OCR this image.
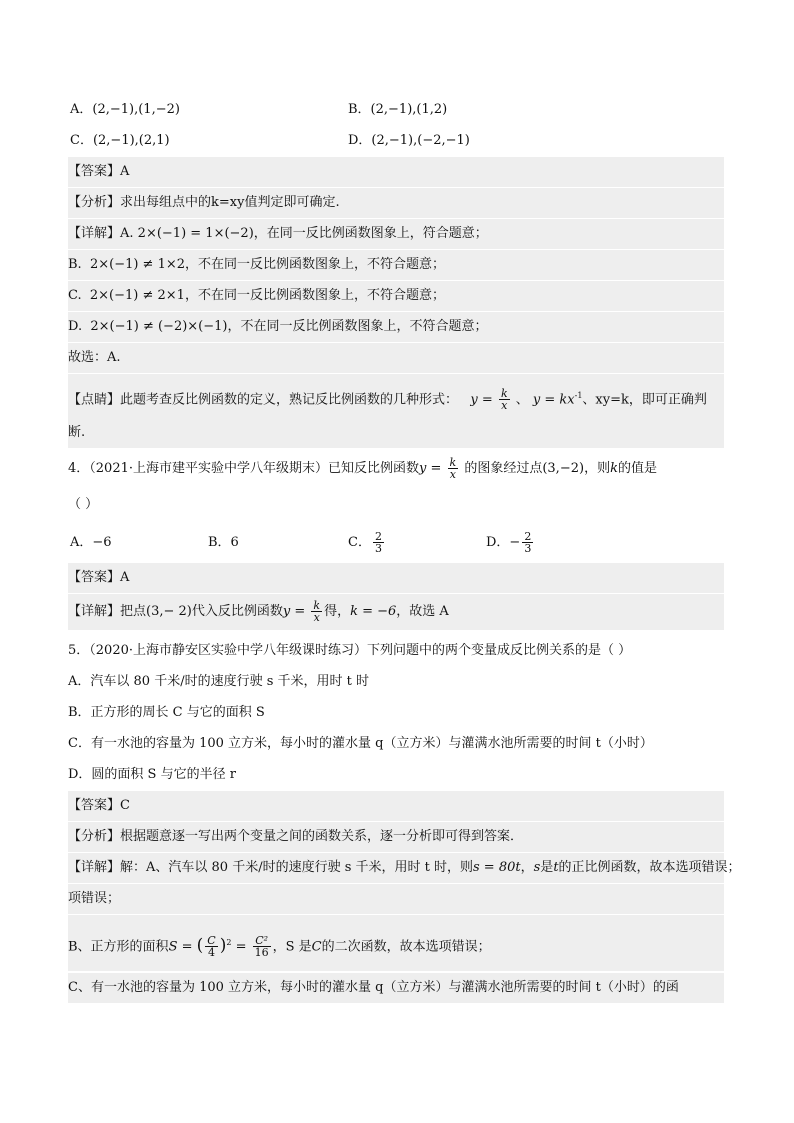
A．(2,−1),(1,−2)	B．(2,−1),(1,2)
C．(2,−1),(2,1)	D．(2,−1),(−2,−1)
【答案】A
【分析】求出每组点中的k=xy值判定即可确定.
【详解】A. 2×(−1) = 1×(−2)，在同一反比例函数图象上，符合题意；
B. 2×(−1) ≠ 1×2，不在同一反比例函数图象上，不符合题意；
C. 2×(−1) ≠ 2×1，不在同一反比例函数图象上，不符合题意；
D. 2×(−1) ≠ (−2)×(−1)，不在同一反比例函数图象上，不符合题意；
故选：A.
【点睛】此题考查反比例函数的定义，熟记反比例函数的几种形式： $y = \frac{k}{x}$ 、 $y = kx^{-1}$、xy=k，即可正确判
断.
4．（2021·上海市建平实验中学八年级期末）已知反比例函数$y = \frac{k}{x}$ 的图象经过点(3,−2)，则k的值是
（ ）
A．−6	B．6	C． $\frac{2}{3}$	D．− $\frac{2}{3}$
【答案】A
【详解】把点(3,− 2)代入反比例函数$y = \frac{k}{x}$ 得，k = −6，故选 A
5．（2020·上海市静安区实验中学八年级课时练习）下列问题中的两个变量成反比例关系的是（ ）
A．汽车以 80 千米/时的速度行驶 s 千米，用时 t 时
B．正方形的周长 C 与它的面积 S
C．有一水池的容量为 100 立方米，每小时的灌水量 q（立方米）与灌满水池所需要的时间 t（小时）
D．圆的面积 S 与它的半径 r
【答案】C
【分析】根据题意逐一写出两个变量之间的函数关系，逐一分析即可得到答案．
【详解】解：A、汽车以 80 千米/时的速度行驶 s 千米，用时 t 时，则s = 80t，s是t的正比例函数，故本选项错误；
项错误；
B、正方形的面积S = ( $\frac{C}{4} )^2 = \frac{\text{C²}}{16}$ ，S 是C的二次函数，故本选项错误；
C、有一水池的容量为 100 立方米，每小时的灌水量 q（立方米）与灌满水池所需要的时间 t（小时）的函
